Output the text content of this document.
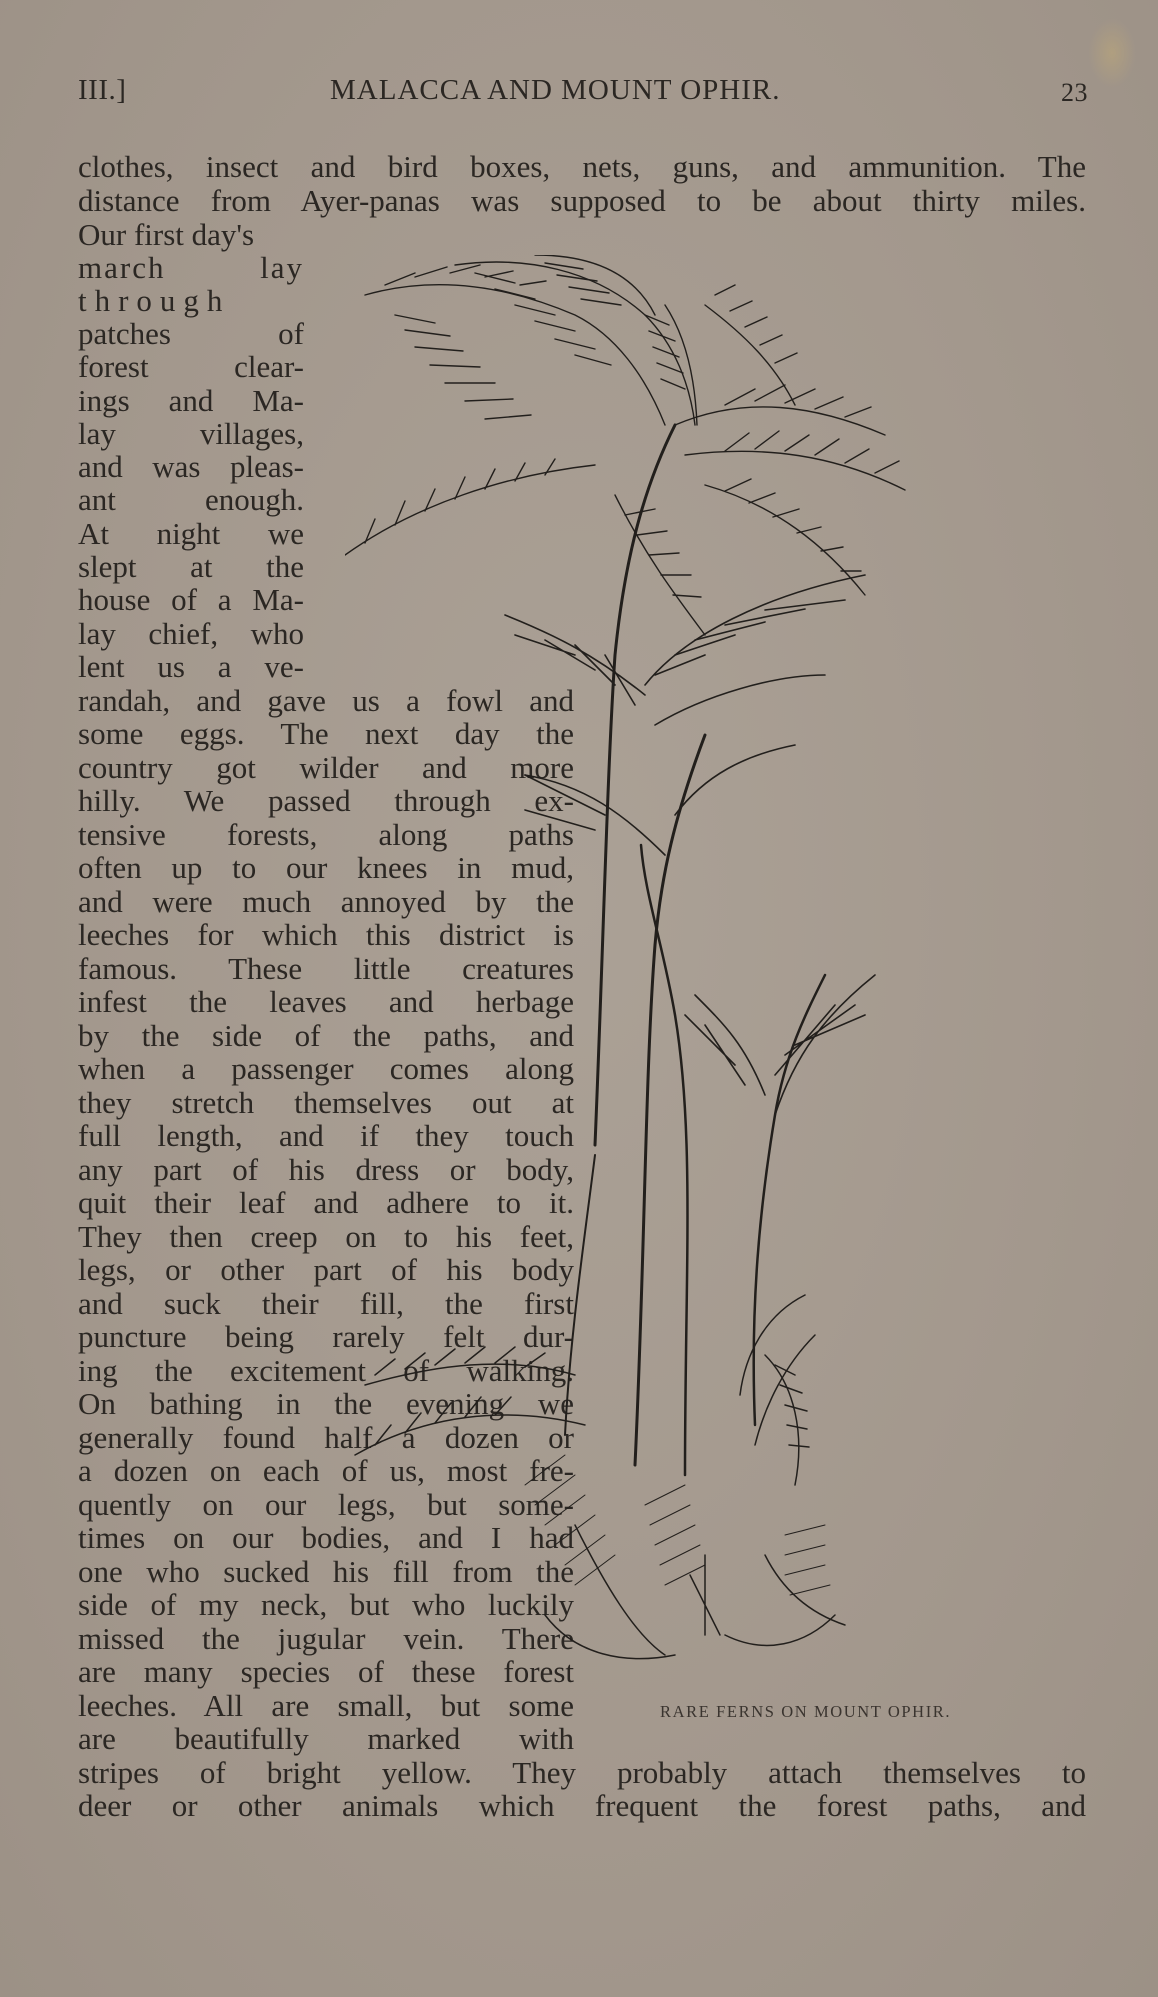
III.]	MALACCA AND MOUNT OPHIR.	23
clothes, insect and bird boxes, nets, guns, and ammunition. The
distance from Ayer-panas was supposed to be about thirty miles.
Our first day's
march lay
through
patches of
forest clear-
ings and Ma-
lay villages,
and was pleas-
ant enough.
At night we
slept at the
house of a Ma-
lay chief, who
lent us a ve-
randah, and gave us a fowl and
some eggs. The next day the
country got wilder and more
hilly. We passed through ex-
tensive forests, along paths
often up to our knees in mud,
and were much annoyed by the
leeches for which this district is
famous. These little creatures
infest the leaves and herbage
by the side of the paths, and
when a passenger comes along
they stretch themselves out at
full length, and if they touch
any part of his dress or body,
quit their leaf and adhere to it.
They then creep on to his feet,
legs, or other part of his body
and suck their fill, the first
puncture being rarely felt dur-
ing the excitement of walking.
On bathing in the evening we
generally found half a dozen or
a dozen on each of us, most fre-
quently on our legs, but some-
times on our bodies, and I had
one who sucked his fill from the
side of my neck, but who luckily
missed the jugular vein. There
are many species of these forest
leeches. All are small, but some
are beautifully marked with
stripes of bright yellow. They probably attach themselves to
deer or other animals which frequent the forest paths, and
RARE FERNS ON MOUNT OPHIR.
